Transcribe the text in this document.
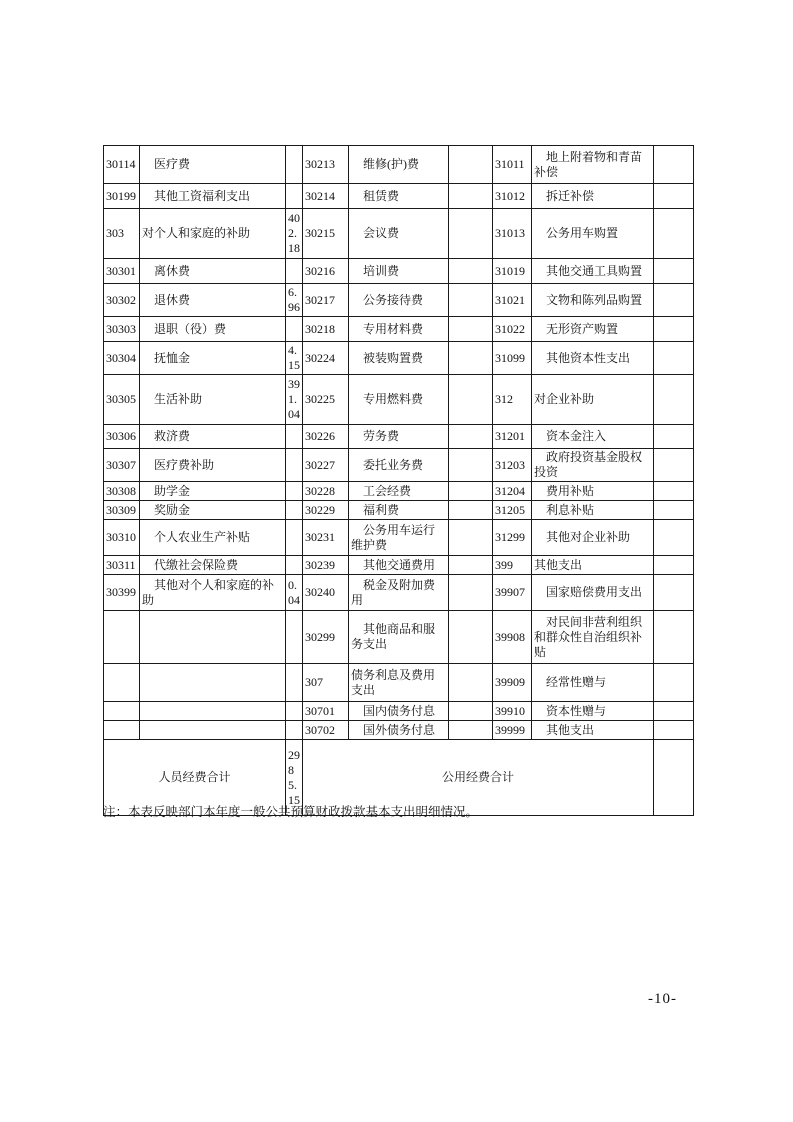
30114	医疗费		30213	维修(护)费		31011	地上附着物和青苗补偿	
30199	其他工资福利支出		30214	租赁费		31012	拆迁补偿	
303	对个人和家庭的补助	402.18	30215	会议费		31013	公务用车购置	
30301	离休费		30216	培训费		31019	其他交通工具购置	
30302	退休费	6.96	30217	公务接待费		31021	文物和陈列品购置	
30303	退职（役）费		30218	专用材料费		31022	无形资产购置	
30304	抚恤金	4.15	30224	被装购置费		31099	其他资本性支出	
30305	生活补助	391.04	30225	专用燃料费		312	对企业补助	
30306	救济费		30226	劳务费		31201	资本金注入	
30307	医疗费补助		30227	委托业务费		31203	政府投资基金股权投资	
30308	助学金		30228	工会经费		31204	费用补贴	
30309	奖励金		30229	福利费		31205	利息补贴	
30310	个人农业生产补贴		30231	公务用车运行维护费		31299	其他对企业补助	
30311	代缴社会保险费		30239	其他交通费用		399	其他支出	
30399	其他对个人和家庭的补助	0.04	30240	税金及附加费用		39907	国家赔偿费用支出	
			30299	其他商品和服务支出		39908	对民间非营利组织和群众性自治组织补贴	
			307	债务利息及费用支出		39909	经常性赠与	
			30701	国内债务付息		39910	资本性赠与	
			30702	国外债务付息		39999	其他支出	
人员经费合计		2985.15	公用经费合计					
注：本表反映部门本年度一般公共预算财政拨款基本支出明细情况。
-10-
